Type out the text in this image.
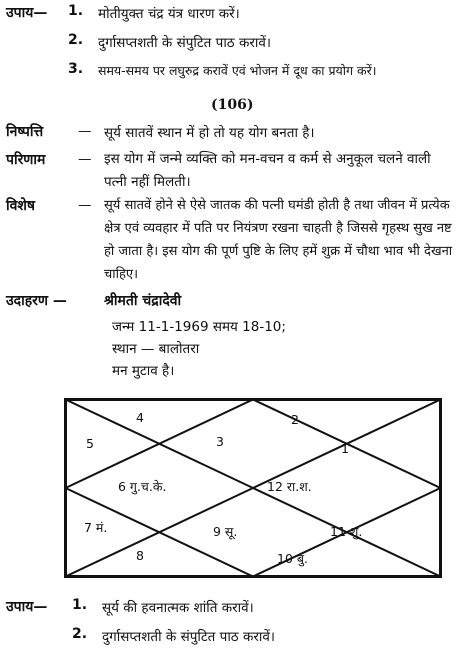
उपाय— 1. मोतीयुक्त चंद्र यंत्र धारण करें।
2. दुर्गासप्तशती के संपुटित पाठ करावें।
3. समय-समय पर लघुरुद्र करावें एवं भोजन में दूध का प्रयोग करें।
(106)
निष्पत्ति	— सूर्य सातवें स्थान में हो तो यह योग बनता है।
परिणाम — इस योग में जन्मे व्यक्ति को मन-वचन व कर्म से अनुकूल चलने वाली पत्नी नहीं मिलती।
विशेष	— सूर्य सातवें होने से ऐसे जातक की पत्नी घमंडी होती है तथा जीवन में प्रत्येक क्षेत्र एवं व्यवहार में पति पर नियंत्रण रखना चाहती है जिससे गृहस्थ सुख नष्ट हो जाता है। इस योग की पूर्ण पुष्टि के लिए हमें शुक्र में चौथा भाव भी देखना चाहिए।
उदाहरण —	श्रीमती चंद्रादेवी
जन्म 11-1-1969 समय 18-10;
स्थान — बालोतरा
मन मुटाव है।
4	2
5	3	1
6 गु.च.के.	12 रा.श.
7 मं.	9 सू.	11 शु.
8	10 बु.
उपाय— 1. सूर्य की हवनात्मक शांति करावें।
2. दुर्गासप्तशती के संपुटित पाठ करावें।
